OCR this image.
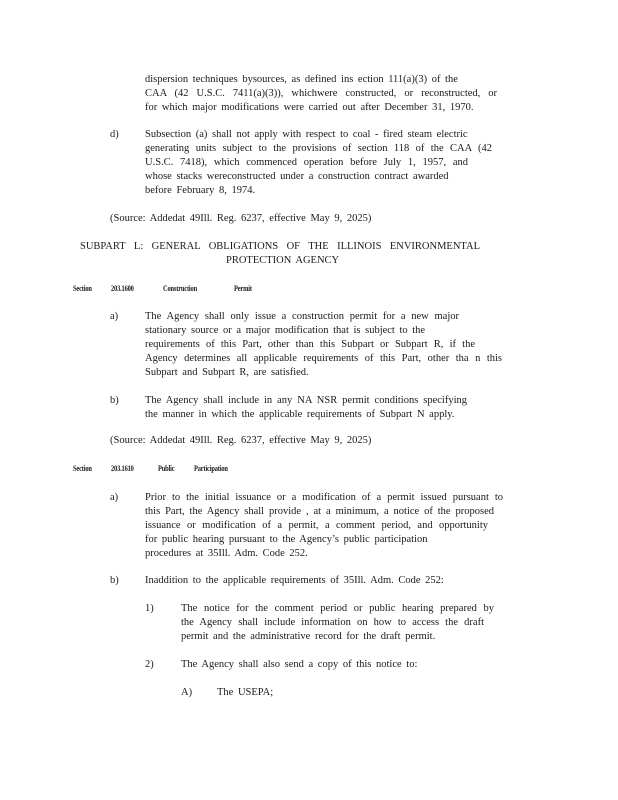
dispersion techniques bysources, as defined ins ection 111(a)(3) of the
CAA (42 U.S.C. 7411(a)(3)), whichwere constructed, or reconstructed, or
for which major modifications were carried out after December 31, 1970.
d)	Subsection (a) shall not apply with respect to coal - fired steam electric
generating units subject to the provisions of section 118 of the CAA (42
U.S.C. 7418), which commenced operation before July 1, 1957, and
whose stacks wereconstructed under a construction contract awarded
before February 8, 1974.
(Source: Addedat 49Ill. Reg. 6237, effective May 9, 2025)
SUBPART L: GENERAL OBLIGATIONS OF THE ILLINOIS ENVIRONMENTAL
PROTECTION AGENCY
Section 203.1600	Construction	Permit
a)	The Agency shall only issue a construction permit for a new major
stationary source or a major modification that is subject to the
requirements of this Part, other than this Subpart or Subpart R, if the
Agency determines all applicable requirements of this Part, other tha n this
Subpart and Subpart R, are satisfied.
b)	The Agency shall include in any NA NSR permit conditions specifying
the manner in which the applicable requirements of Subpart N apply.
(Source: Addedat 49Ill. Reg. 6237, effective May 9, 2025)
Section 203.1610	Public Participation
a)	Prior to the initial issuance or a modification of a permit issued pursuant to
this Part, the Agency shall provide , at a minimum, a notice of the proposed
issuance or modification of a permit, a comment period, and opportunity
for public hearing pursuant to the Agency’s public participation
procedures at 35Ill. Adm. Code 252.
b)	Inaddition to the applicable requirements of 35Ill. Adm. Code 252:
1)	The notice for the comment period or public hearing prepared by
the Agency shall include information on how to access the draft
permit and the administrative record for the draft permit.
2)	The Agency shall also send a copy of this notice to:
A) The USEPA;
